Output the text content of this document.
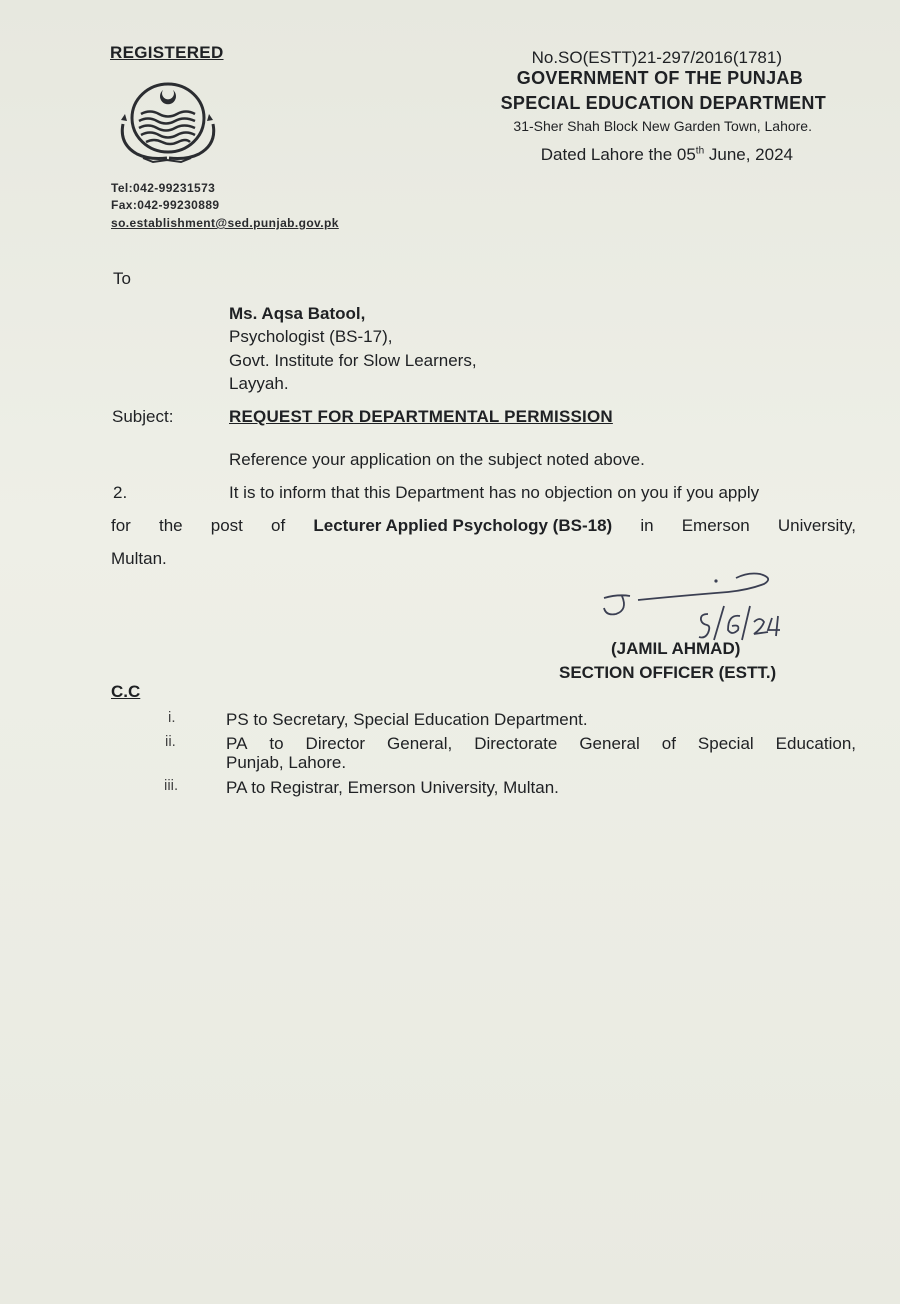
REGISTERED	No.SO(ESTT)21-297/2016(1781)
GOVERNMENT OF THE PUNJAB
SPECIAL EDUCATION DEPARTMENT
31-Sher Shah Block New Garden Town, Lahore.
Dated Lahore the 05th June, 2024
Tel:042-99231573
Fax:042-99230889
so.establishment@sed.punjab.gov.pk
To
Ms. Aqsa Batool,
Psychologist (BS-17),
Govt. Institute for Slow Learners,
Layyah.
Subject:	REQUEST FOR DEPARTMENTAL PERMISSION
Reference your application on the subject noted above.
2.	It is to inform that this Department has no objection on you if you apply
for the post of Lecturer Applied Psychology (BS-18) in Emerson University,
Multan.
(JAMIL AHMAD)
SECTION OFFICER (ESTT.)
C.C
i.	PS to Secretary, Special Education Department.
ii.	PA to Director General, Directorate General of Special Education,
Punjab, Lahore.
iii.	PA to Registrar, Emerson University, Multan.
